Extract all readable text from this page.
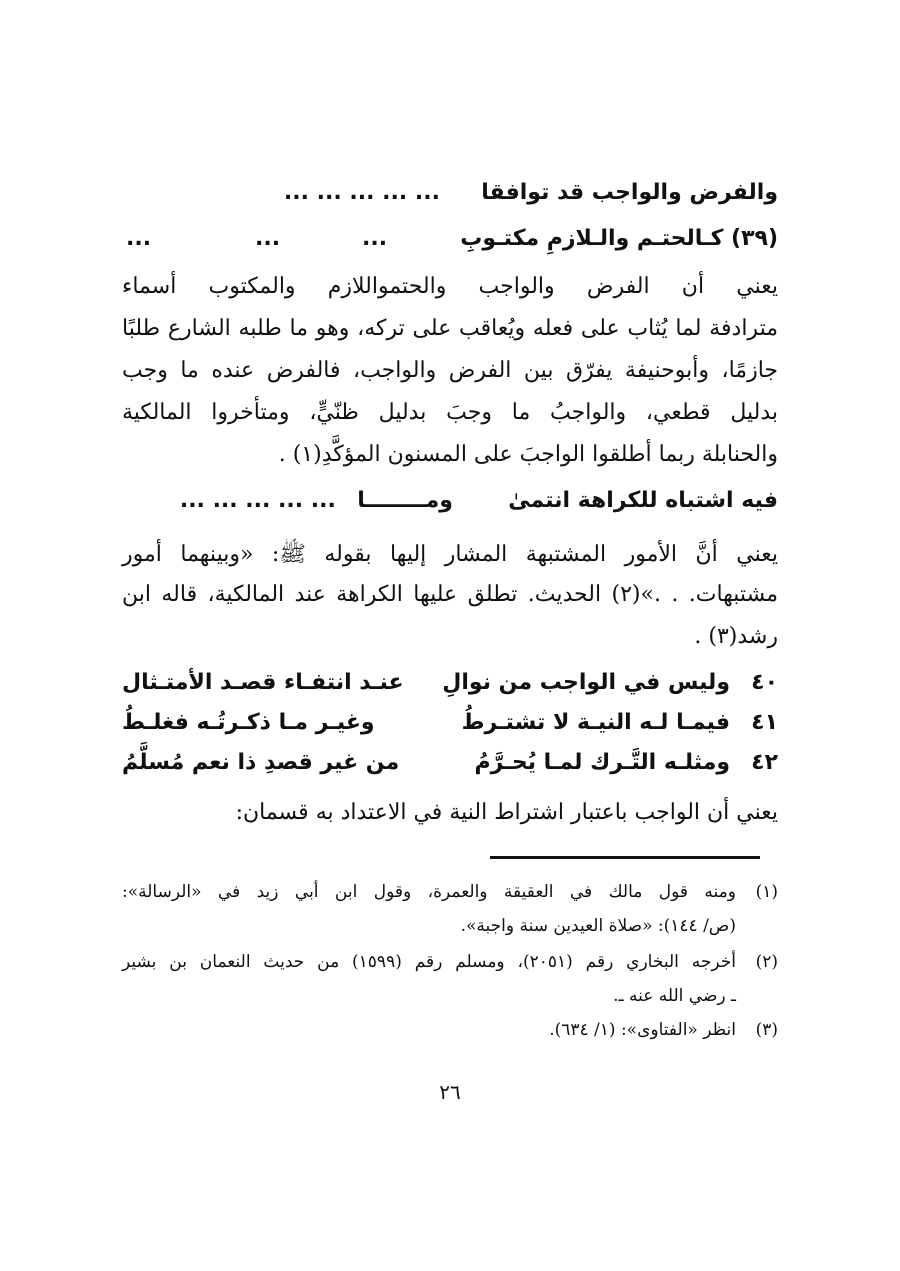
والفرض والواجب قد توافقا  ... ... ... ... ...
(٣٩) كـالحتـم والـلازمِ مكتـوبِ
...
...
...
يعني أن الفرض والواجب والحتمواللازم والمكتوب أسماء
مترادفة لما يُثاب على فعله ويُعاقب على تركه، وهو ما طلبه الشارع طلبًا
جازمًا، وأبوحنيفة يفرّق بين الفرض والواجب، فالفرض عنده ما وجب
بدليل قطعي، والواجبُ ما وجبَ بدليل ظنّيٍّ، ومتأخروا المالكية
والحنابلة ربما أطلقوا الواجبَ على المسنون المؤكَّدِ(١) .
فيه اشتباه للكراهة انتمىٰ  ومــــــــا  ... ... ... ... ...
يعني أنَّ الأمور المشتبهة المشار إليها بقوله ﷺ: «وبينهما أمور
مشتبهات. . .»(٢) الحديث. تطلق عليها الكراهة عند المالكية، قاله ابن
رشد(٣) .
٤٠
وليس في الواجب من نوالِ
عنـد انتفـاء قصـد الأمتـثال
٤١
فيمـا لـه النيـة لا تشتـرطُ
وغيـر مـا ذكـرتُـه فغلـطُ
٤٢
ومثلـه التَّـرك لمـا يُحـرَّمُ
من غير قصدِ ذا نعم مُسلَّمُ
يعني أن الواجب باعتبار اشتراط النية في الاعتداد به قسمان:
(١)
ومنه قول مالك في العقيقة والعمرة، وقول ابن أبي زيد في «الرسالة»:
(ص/ ١٤٤): «صلاة العيدين سنة واجبة».
(٢)
أخرجه البخاري رقم (٢٠٥١)، ومسلم رقم (١٥٩٩) من حديث النعمان بن بشير
ـ رضي الله عنه ـ.
(٣)
انظر «الفتاوى»: (١/ ٦٣٤).
٢٦
